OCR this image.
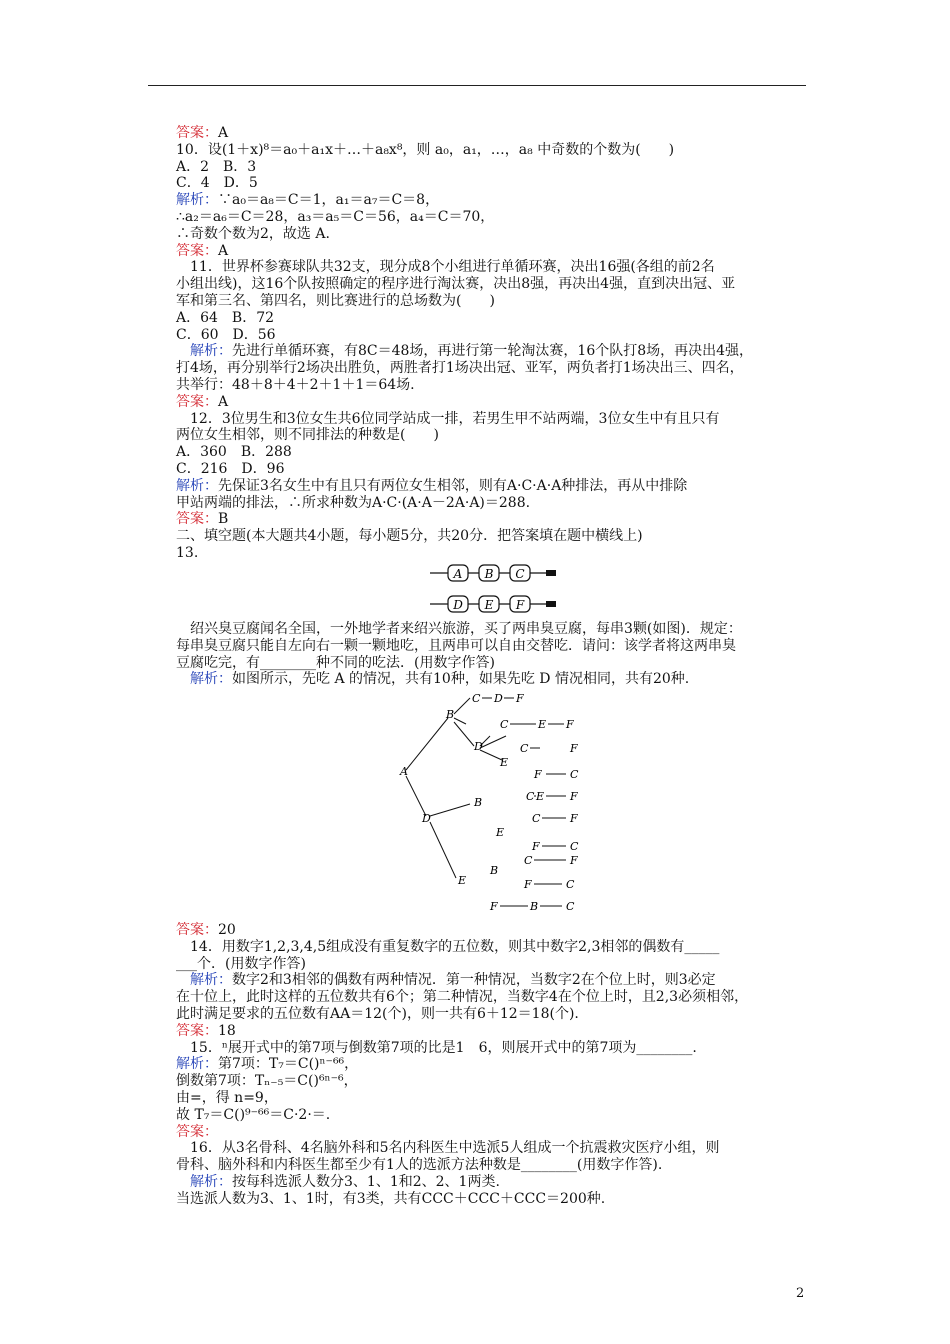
答案：A
10．设(1＋x)⁸＝a₀＋a₁x＋…＋a₈x⁸，则 a₀，a₁，…，a₈ 中奇数的个数为(　　)
A．2　B．3
C．4　D．5
解析：∵a₀＝a₈＝C＝1，a₁＝a₇＝C＝8，
∴a₂＝a₆＝C＝28，a₃＝a₅＝C＝56，a₄＝C＝70，
∴奇数个数为2，故选 A.
答案：A
　11．世界杯参赛球队共32支，现分成8个小组进行单循环赛，决出16强(各组的前2名
小组出线)，这16个队按照确定的程序进行淘汰赛，决出8强，再决出4强，直到决出冠、亚
军和第三名、第四名，则比赛进行的总场数为(　　)
A．64　B．72
C．60　D．56
　解析：先进行单循环赛，有8C＝48场，再进行第一轮淘汰赛，16个队打8场，再决出4强，
打4场，再分别举行2场决出胜负，两胜者打1场决出冠、亚军，两负者打1场决出三、四名，
共举行：48＋8＋4＋2＋1＋1＝64场.
答案：A
　12．3位男生和3位女生共6位同学站成一排，若男生甲不站两端，3位女生中有且只有
两位女生相邻，则不同排法的种数是(　　)
A．360　B．288
C．216　D．96
解析：先保证3名女生中有且只有两位女生相邻，则有A·C·A·A种排法，再从中排除
甲站两端的排法，∴所求种数为A·C·(A·A－2A·A)＝288.
答案：B
二、填空题(本大题共4小题，每小题5分，共20分．把答案填在题中横线上)
13.
A B C
D E F
　绍兴臭豆腐闻名全国，一外地学者来绍兴旅游，买了两串臭豆腐，每串3颗(如图)．规定：
每串臭豆腐只能自左向右一颗一颗地吃，且两串可以自由交替吃．请问：该学者将这两串臭
豆腐吃完，有________种不同的吃法．(用数字作答)
　解析：如图所示，先吃 A 的情况，共有10种，如果先吃 D 情况相同，共有20种.
A
B
C D F
C	E F
D	C	F
E
F	C
D
B	C E F
E
C	F
F	C
E
B
C	F
F	C
F	B	C
答案：20
　14．用数字1,2,3,4,5组成没有重复数字的五位数，则其中数字2,3相邻的偶数有_____
___个．(用数字作答)
　解析：数字2和3相邻的偶数有两种情况．第一种情况，当数字2在个位上时，则3必定
在十位上，此时这样的五位数共有6个；第二种情况，当数字4在个位上时，且2,3必须相邻，
此时满足要求的五位数有AA＝12(个)，则一共有6＋12＝18(个).
答案：18
　15．ⁿ展开式中的第7项与倒数第7项的比是1　6，则展开式中的第7项为________.
解析：第7项：T₇＝C()ⁿ⁻⁶⁶，
倒数第7项：Tₙ₋₅＝C()⁶ⁿ⁻⁶，
由=，得 n=9，
故 T₇＝C()⁹⁻⁶⁶＝C·2·＝.
答案：
　16．从3名骨科、4名脑外科和5名内科医生中选派5人组成一个抗震救灾医疗小组，则
骨科、脑外科和内科医生都至少有1人的选派方法种数是________(用数字作答).
　解析：按每科选派人数分3、1、1和2、2、1两类.
当选派人数为3、1、1时，有3类，共有CCC＋CCC＋CCC＝200种.
2
